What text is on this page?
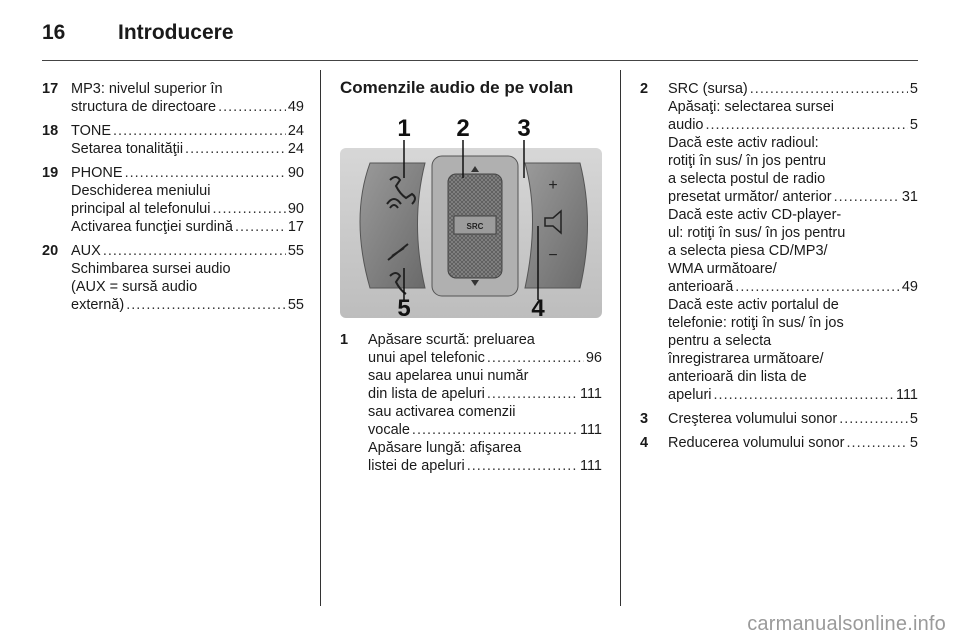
16	Introducere
17 MP3: nivelul superior în
structura de directoare .....	49
18 TONE .....	24
Setarea tonalităţii .....	24
19 PHONE .....	90
Deschiderea meniului
principal al telefonului .....	90
Activarea funcţiei surdină .....	17
20 AUX .....	55
Schimbarea sursei audio
(AUX = sursă audio
externă) .....	55
Comenzile audio de pe volan
SRC
+
−
1 2 3
4
5
1	Apăsare scurtă: preluarea
unui apel telefonic .....	96
sau apelarea unui număr
din lista de apeluri .....	111
sau activarea comenzii
vocale .....	111
Apăsare lungă: afişarea
listei de apeluri .....	111
2	SRC (sursa) .....	5
Apăsaţi: selectarea sursei
audio .....	5
Dacă este activ radioul:
rotiţi în sus/ în jos pentru
a selecta postul de radio
presetat următor/ anterior .....	31
Dacă este activ CD-player-
ul: rotiţi în sus/ în jos pentru
a selecta piesa CD/MP3/
WMA următoare/
anterioară .....	49
Dacă este activ portalul de
telefonie: rotiţi în sus/ în jos
pentru a selecta
înregistrarea următoare/
anterioară din lista de
apeluri .....	111
3	Creşterea volumului sonor .....	5
4	Reducerea volumului sonor .....	5
carmanualsonline.info
